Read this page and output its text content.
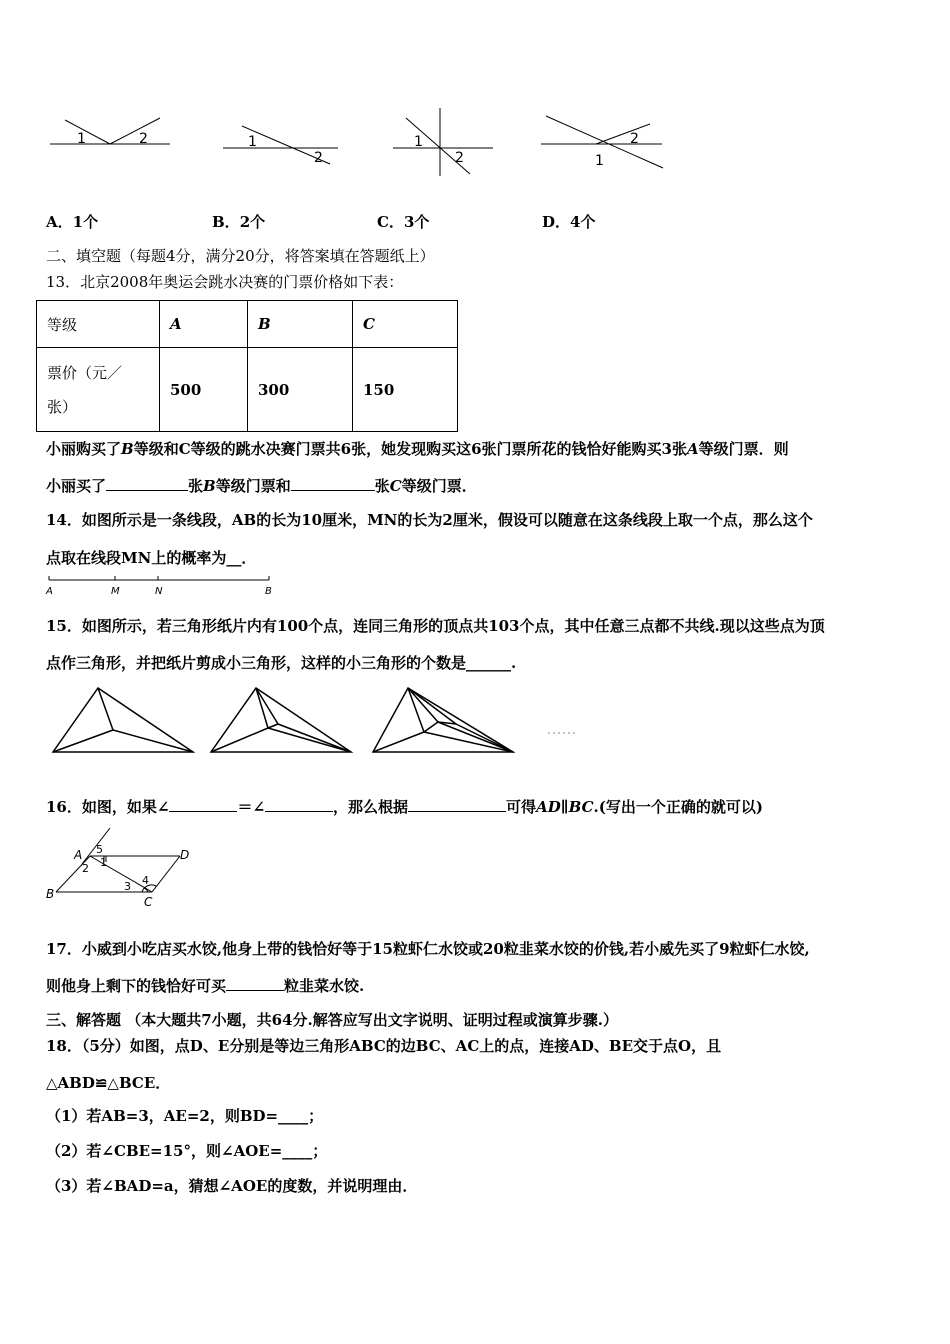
1	2	1
2
1
2	1
2
A．1个	B．2个	C．3个	D．4个
二、填空题（每题4分，满分20分，将答案填在答题纸上）
13．北京2008年奥运会跳水决赛的门票价格如下表：
等级	A	B	C
票价（元／
张）	500	300	150
小丽购买了B等级和C等级的跳水决赛门票共6张，她发现购买这6张门票所花的钱恰好能购买3张A等级门票．则
小丽买了	张B等级门票和	张C等级门票．
14．如图所示是一条线段，AB的长为10厘米，MN的长为2厘米，假设可以随意在这条线段上取一个点，那么这个
点取在线段MN上的概率为__．
A	M	N	B
15．如图所示，若三角形纸片内有100个点，连同三角形的顶点共103个点，其中任意三点都不共线.现以这些点为顶
点作三角形，并把纸片剪成小三角形，这样的小三角形的个数是______.
16．如图，如果∠	＝∠	，那么根据	可得AD∥BC.(写出一个正确的就可以)
A 5
1
2
D
B
3 4
C
17．小威到小吃店买水饺,他身上带的钱恰好等于15粒虾仁水饺或20粒韭菜水饺的价钱,若小威先买了9粒虾仁水饺,
则他身上剩下的钱恰好可买	粒韭菜水饺.
三、解答题 （本大题共7小题，共64分.解答应写出文字说明、证明过程或演算步骤.）
18．（5分）如图，点D、E分别是等边三角形ABC的边BC、AC上的点，连接AD、BE交于点O，且
△ABD≌△BCE．
（1）若AB=3，AE=2，则BD=____；
（2）若∠CBE=15°，则∠AOE=____；
（3）若∠BAD=a，猜想∠AOE的度数，并说明理由．
